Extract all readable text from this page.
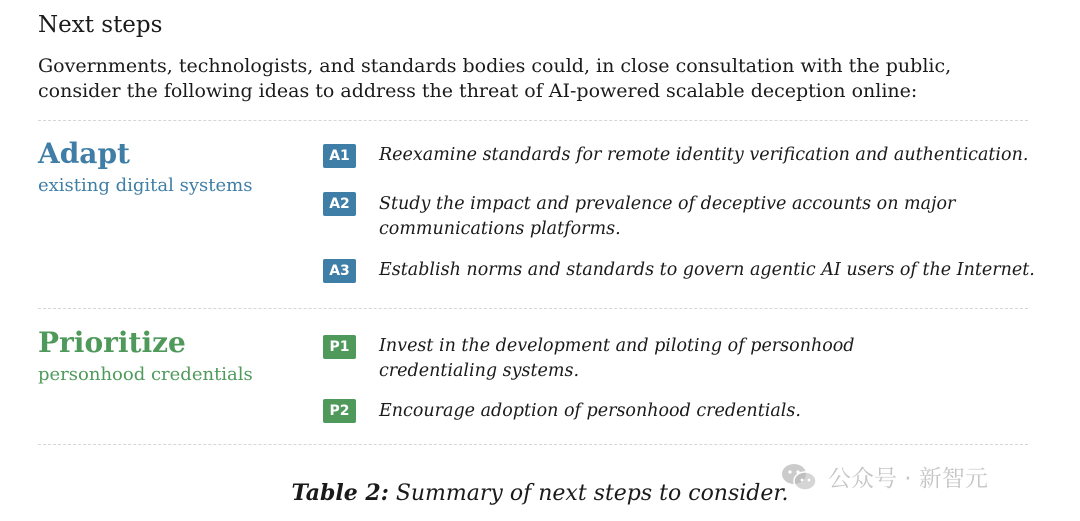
Next steps
Governments, technologists, and standards bodies could, in close consultation with the public,
consider the following ideas to address the threat of AI-powered scalable deception online:
Adapt
existing digital systems
A1	Reexamine standards for remote identity verification and authentication.
A2	Study the impact and prevalence of deceptive accounts on major
communications platforms.
A3	Establish norms and standards to govern agentic AI users of the Internet.
Prioritize
personhood credentials
P1	Invest in the development and piloting of personhood
credentialing systems.
P2	Encourage adoption of personhood credentials.
公众号 · 新智元
Table 2: Summary of next steps to consider.
